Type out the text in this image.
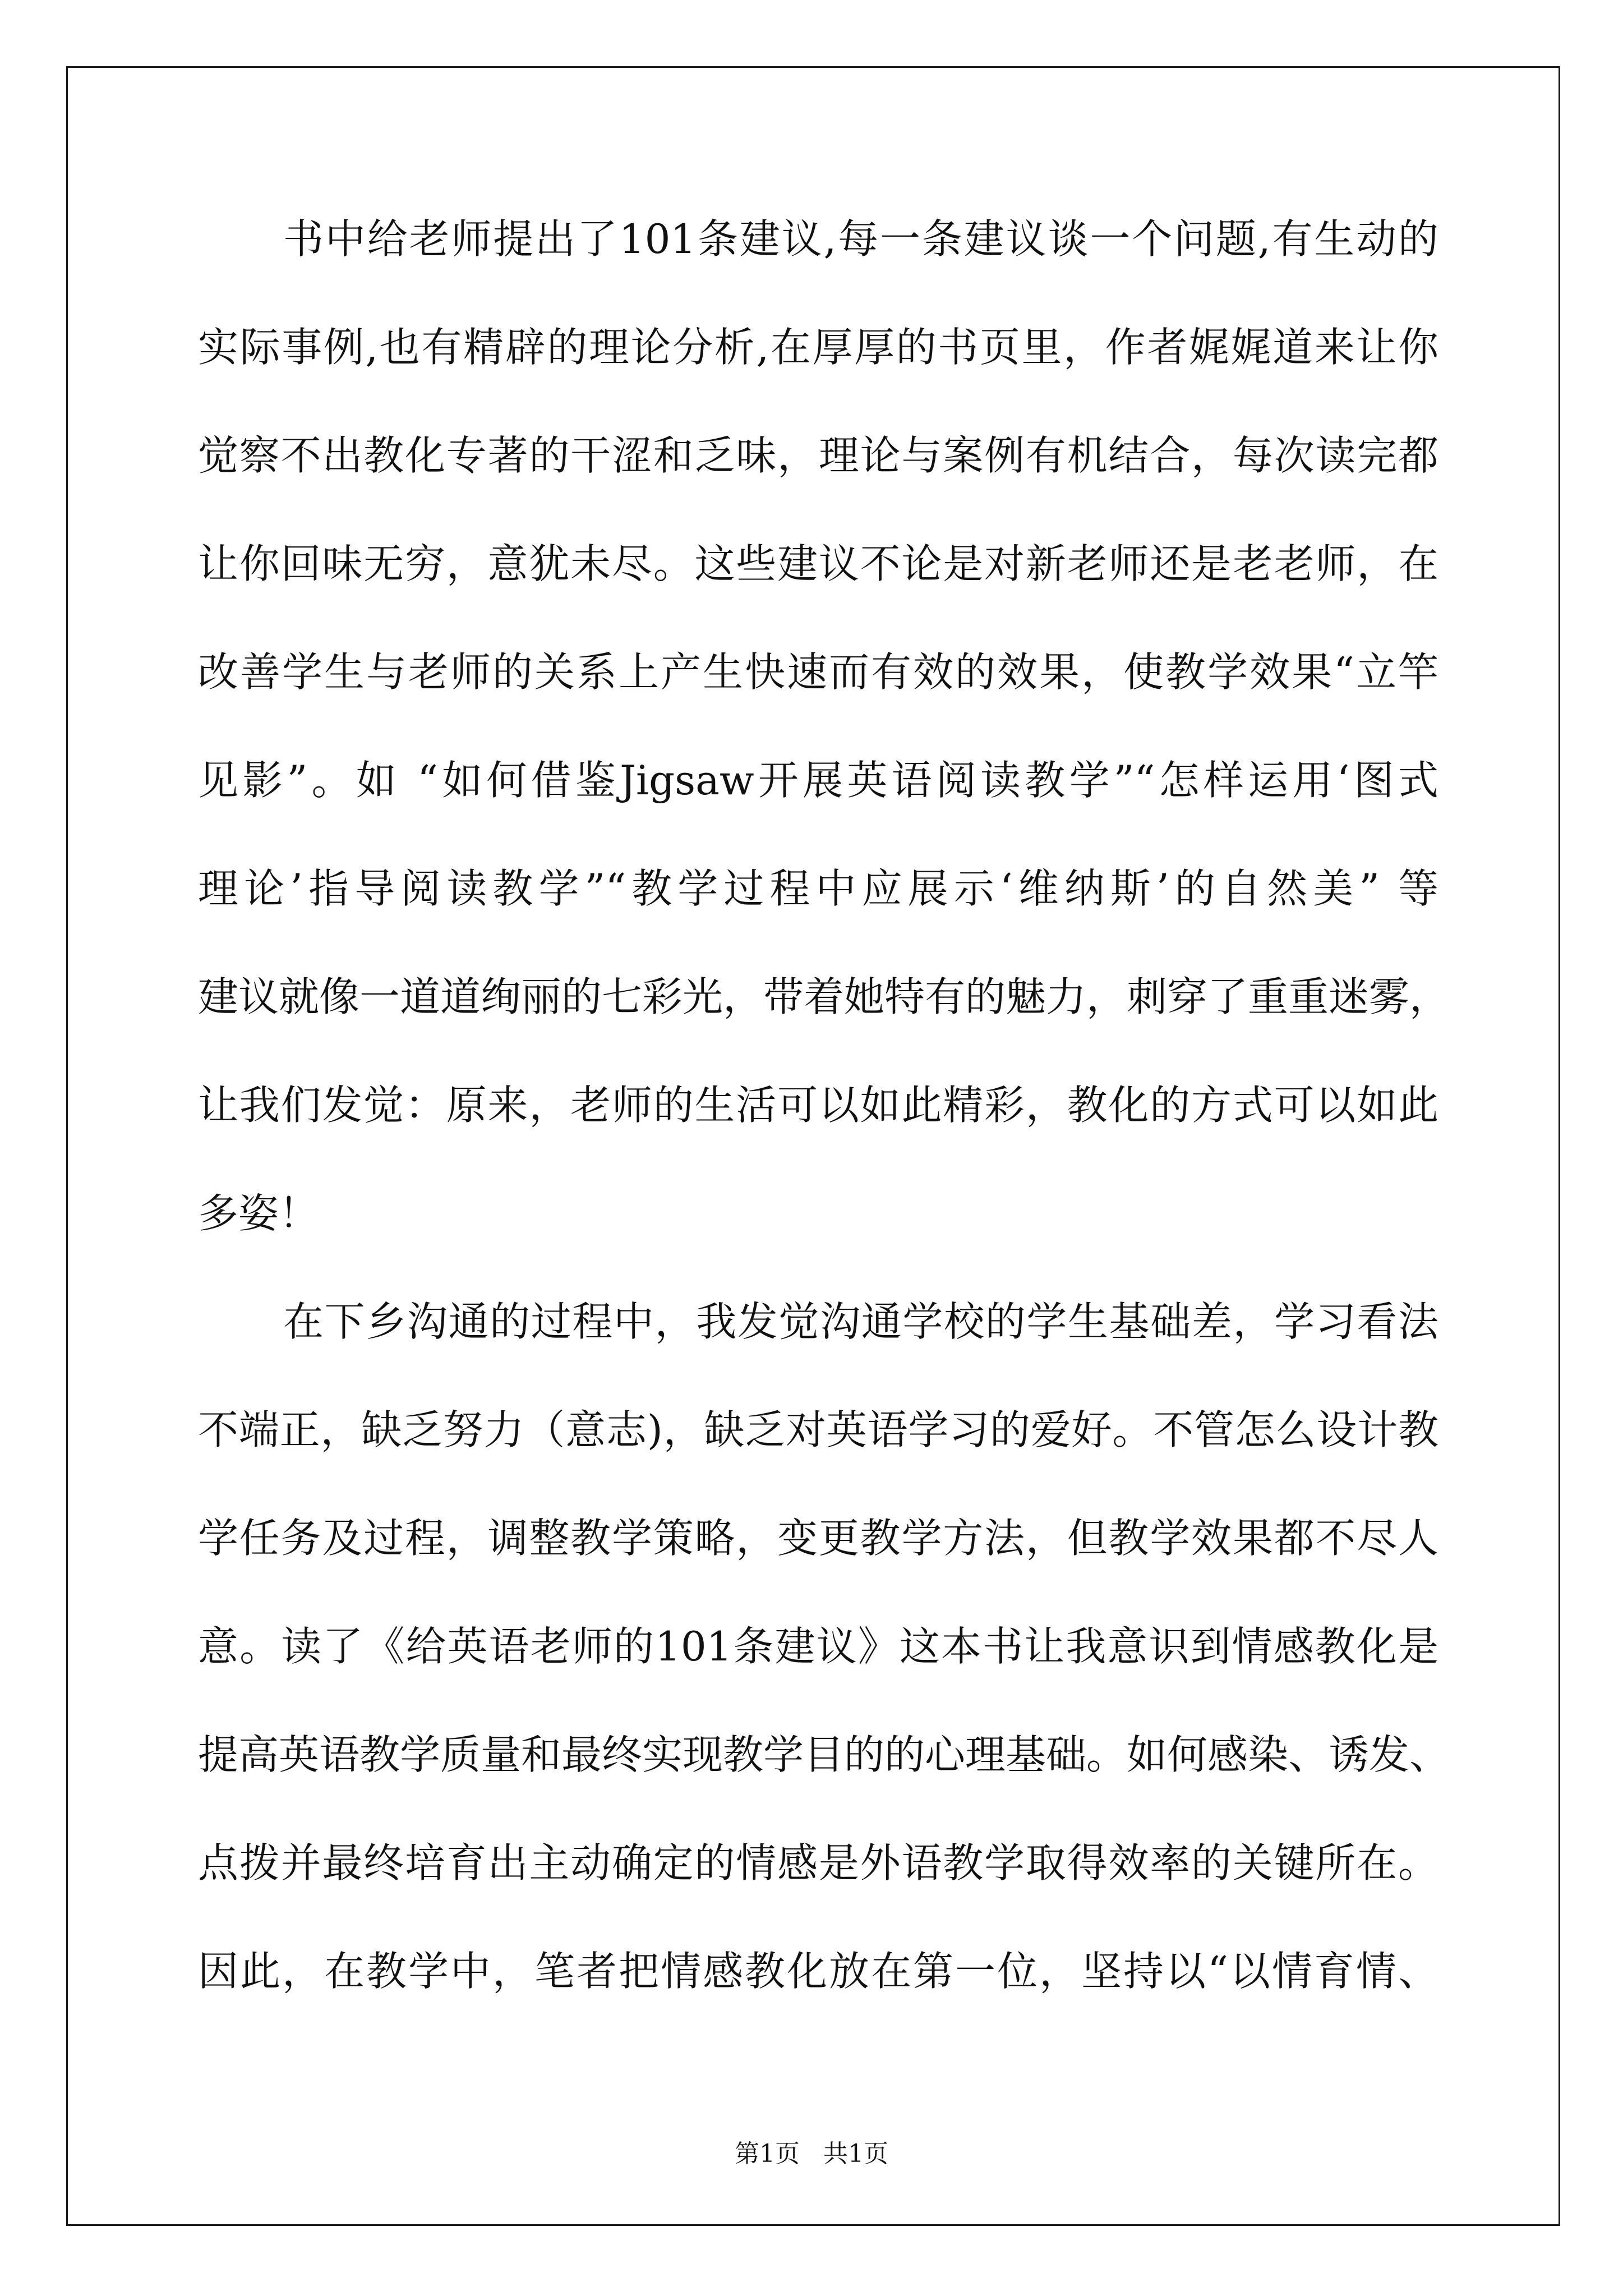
书中给老师提出了101条建议,每一条建议谈一个问题,有生动的
实际事例,也有精辟的理论分析,在厚厚的书页里，作者娓娓道来让你
觉察不出教化专著的干涩和乏味，理论与案例有机结合，每次读完都
让你回味无穷，意犹未尽。这些建议不论是对新老师还是老老师，在
改善学生与老师的关系上产生快速而有效的效果，使教学效果“立竿
见影”。如 “如何借鉴Jigsaw开展英语阅读教学”“怎样运用‘图式
理论’指导阅读教学”“教学过程中应展示‘维纳斯’的自然美” 等
建议就像一道道绚丽的七彩光，带着她特有的魅力，刺穿了重重迷雾，
让我们发觉：原来，老师的生活可以如此精彩，教化的方式可以如此
多姿！
在下乡沟通的过程中，我发觉沟通学校的学生基础差，学习看法
不端正，缺乏努力（意志)，缺乏对英语学习的爱好。不管怎么设计教
学任务及过程，调整教学策略，变更教学方法，但教学效果都不尽人
意。读了《给英语老师的101条建议》这本书让我意识到情感教化是
提高英语教学质量和最终实现教学目的的心理基础。如何感染、诱发、
点拨并最终培育出主动确定的情感是外语教学取得效率的关键所在。
因此，在教学中，笔者把情感教化放在第一位，坚持以“以情育情、
第1页   共1页
